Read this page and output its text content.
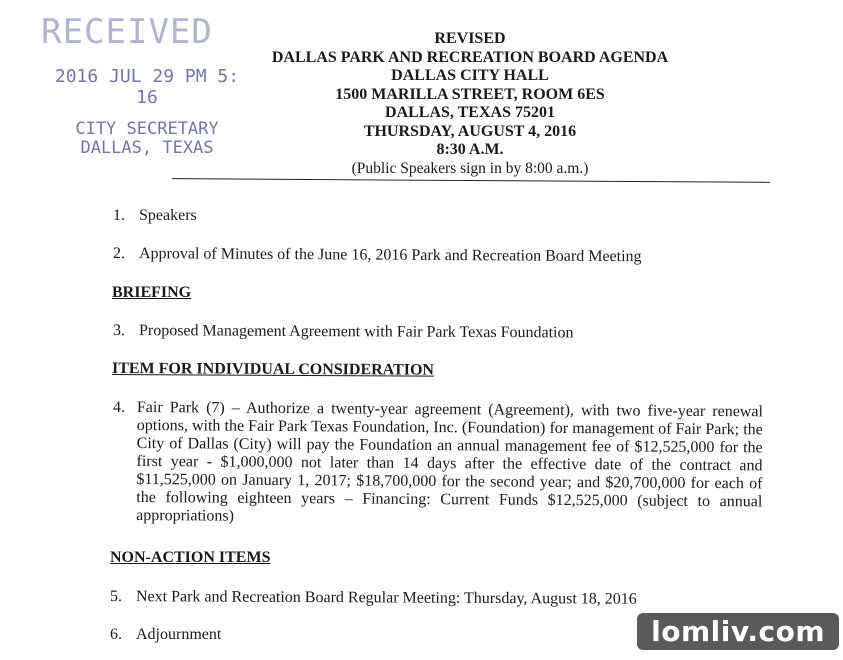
RECEIVED
2016 JUL 29 PM 5: 16
CITY SECRETARY
DALLAS, TEXAS
REVISED
DALLAS PARK AND RECREATION BOARD AGENDA
DALLAS CITY HALL
1500 MARILLA STREET, ROOM 6ES
DALLAS, TEXAS 75201
THURSDAY, AUGUST 4, 2016
8:30 A.M.
(Public Speakers sign in by 8:00 a.m.)
1. Speakers
2. Approval of Minutes of the June 16, 2016 Park and Recreation Board Meeting
BRIEFING
3. Proposed Management Agreement with Fair Park Texas Foundation
ITEM FOR INDIVIDUAL CONSIDERATION
4. Fair Park (7) – Authorize a twenty-year agreement (Agreement), with two five-year renewal options, with the Fair Park Texas Foundation, Inc. (Foundation) for management of Fair Park; the City of Dallas (City) will pay the Foundation an annual management fee of $12,525,000 for the first year - $1,000,000 not later than 14 days after the effective date of the contract and $11,525,000 on January 1, 2017; $18,700,000 for the second year; and $20,700,000 for each of the following eighteen years – Financing: Current Funds $12,525,000 (subject to annual appropriations)
NON-ACTION ITEMS
5. Next Park and Recreation Board Regular Meeting: Thursday, August 18, 2016
6. Adjournment	lomliv.com
